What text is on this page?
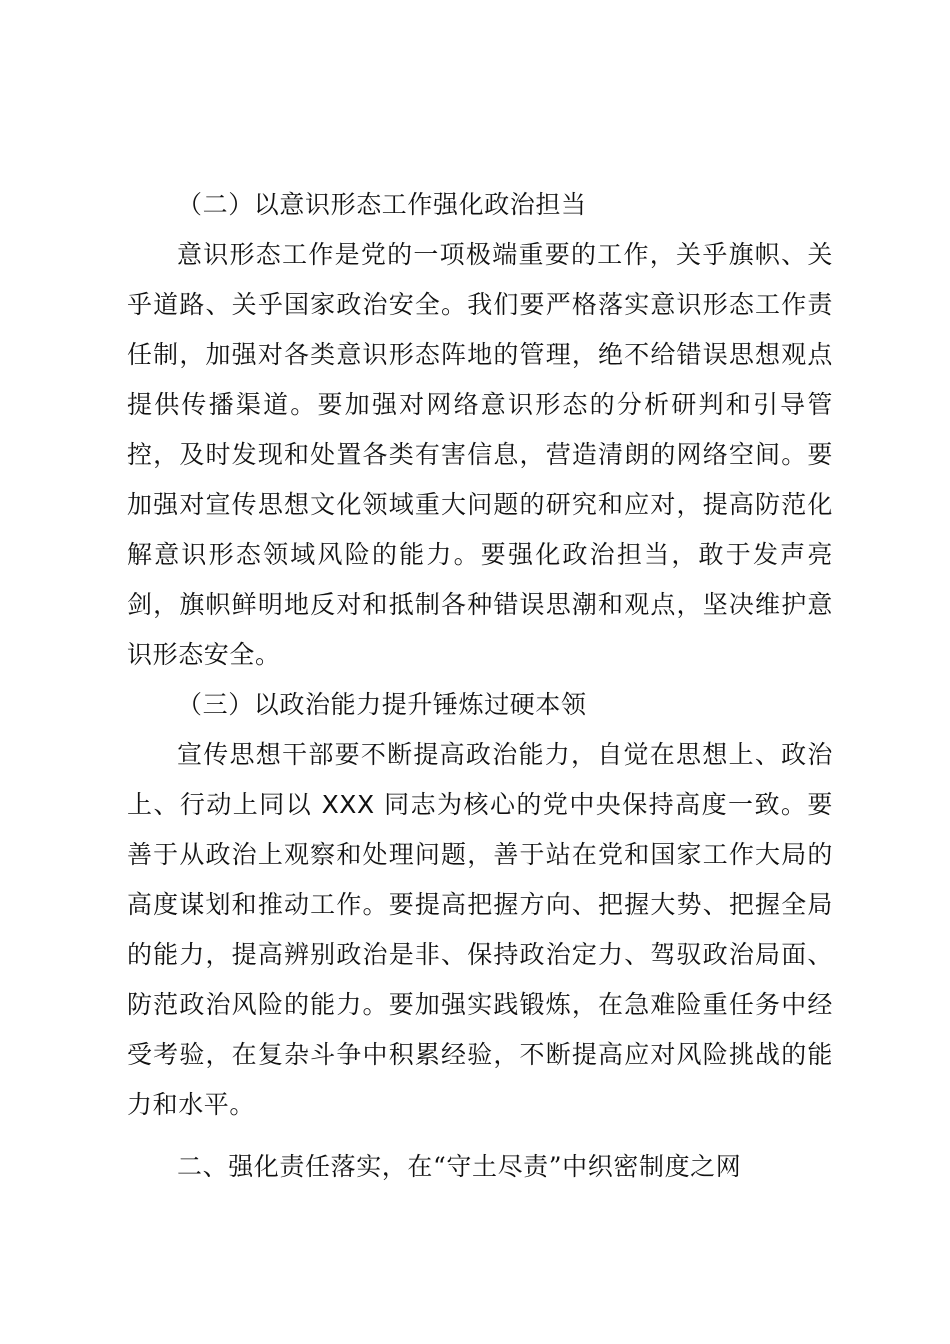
（二）以意识形态工作强化政治担当

意识形态工作是党的一项极端重要的工作，关乎旗帜、关乎道路、关乎国家政治安全。我们要严格落实意识形态工作责任制，加强对各类意识形态阵地的管理，绝不给错误思想观点提供传播渠道。要加强对网络意识形态的分析研判和引导管控，及时发现和处置各类有害信息，营造清朗的网络空间。要加强对宣传思想文化领域重大问题的研究和应对，提高防范化解意识形态领域风险的能力。要强化政治担当，敢于发声亮剑，旗帜鲜明地反对和抵制各种错误思潮和观点，坚决维护意识形态安全。

（三）以政治能力提升锤炼过硬本领

宣传思想干部要不断提高政治能力，自觉在思想上、政治上、行动上同以 XXX 同志为核心的党中央保持高度一致。要善于从政治上观察和处理问题，善于站在党和国家工作大局的高度谋划和推动工作。要提高把握方向、把握大势、把握全局的能力，提高辨别政治是非、保持政治定力、驾驭政治局面、防范政治风险的能力。要加强实践锻炼，在急难险重任务中经受考验，在复杂斗争中积累经验，不断提高应对风险挑战的能力和水平。

二、强化责任落实，在“守土尽责”中织密制度之网
